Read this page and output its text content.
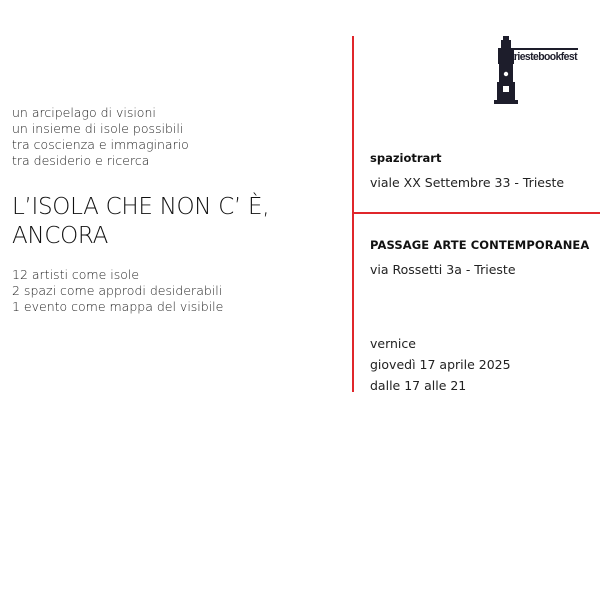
un arcipelago di visioni
un insieme di isole possibili
tra coscienza e immaginario
tra desiderio e ricerca
L’ISOLA CHE NON C’ È,
ANCORA
12 artisti come isole
2 spazi come approdi desiderabili
1 evento come mappa del visibile
triestebookfest
spaziotrart
viale XX Settembre 33 - Trieste
PASSAGE ARTE CONTEMPORANEA
via Rossetti 3a - Trieste
vernice
giovedì 17 aprile 2025
dalle 17 alle 21
